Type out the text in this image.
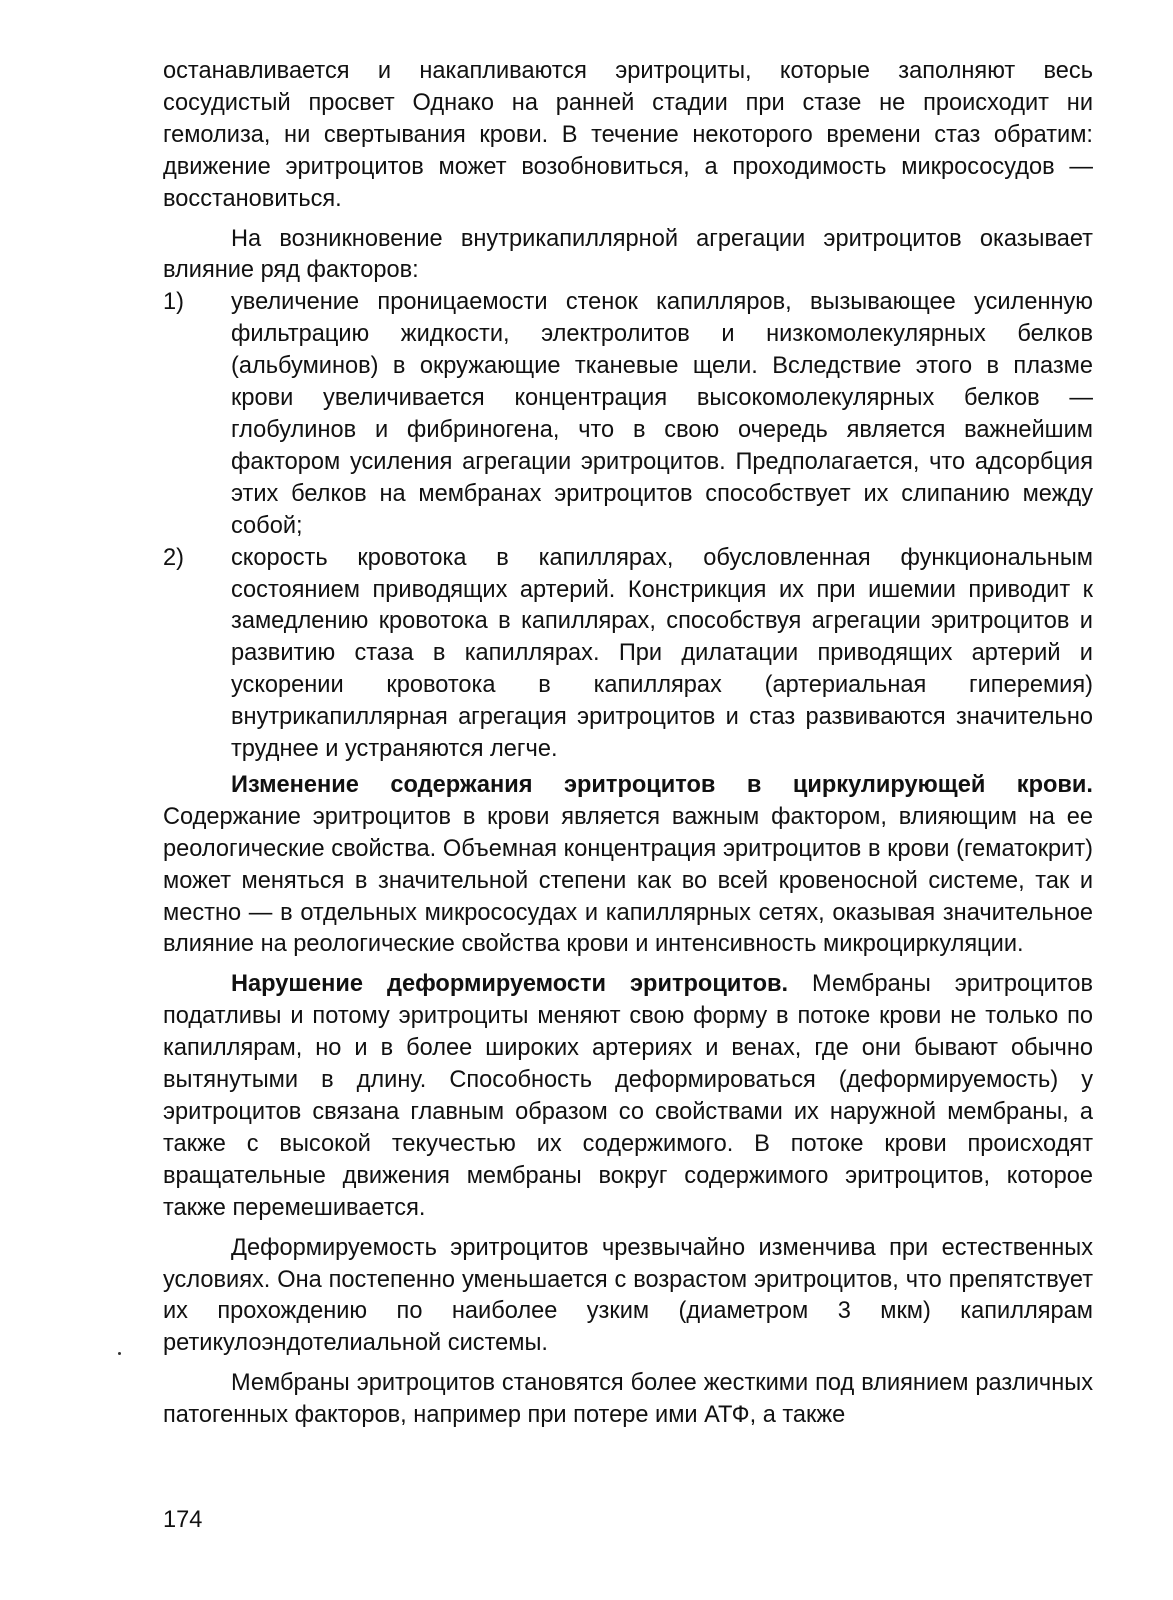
останавливается и накапливаются эритроциты, которые заполняют весь сосудистый просвет Однако на ранней стадии при стазе не происходит ни гемолиза, ни свертывания крови. В течение некоторого времени стаз обратим: движение эритроцитов может возобновиться, а проходимость микрососудов — восстановиться.

На возникновение внутрикапиллярной агрегации эритроцитов оказывает влияние ряд факторов:

1) увеличение проницаемости стенок капилляров, вызывающее усиленную фильтрацию жидкости, электролитов и низкомолекулярных белков (альбуминов) в окружающие тканевые щели. Вследствие этого в плазме крови увеличивается концентрация высокомолекулярных белков — глобулинов и фибриногена, что в свою очередь является важнейшим фактором усиления агрегации эритроцитов. Предполагается, что адсорбция этих белков на мембранах эритроцитов способствует их слипанию между собой;
2) скорость кровотока в капиллярах, обусловленная функциональным состоянием приводящих артерий. Констрикция их при ишемии приводит к замедлению кровотока в капиллярах, способствуя агрегации эритроцитов и развитию стаза в капиллярах. При дилатации приводящих артерий и ускорении кровотока в капиллярах (артериальная гиперемия) внутрикапиллярная агрегация эритроцитов и стаз развиваются значительно труднее и устраняются легче.

Изменение содержания эритроцитов в циркулирующей крови. Содержание эритроцитов в крови является важным фактором, влияющим на ее реологические свойства. Объемная концентрация эритроцитов в крови (гематокрит) может меняться в значительной степени как во всей кровеносной системе, так и местно — в отдельных микрососудах и капиллярных сетях, оказывая значительное влияние на реологические свойства крови и интенсивность микроциркуляции.

Нарушение деформируемости эритроцитов. Мембраны эритроцитов податливы и потому эритроциты меняют свою форму в потоке крови не только по капиллярам, но и в более широких артериях и венах, где они бывают обычно вытянутыми в длину. Способность деформироваться (деформируемость) у эритроцитов связана главным образом со свойствами их наружной мембраны, а также с высокой текучестью их содержимого. В потоке крови происходят вращательные движения мембраны вокруг содержимого эритроцитов, которое также перемешивается.

Деформируемость эритроцитов чрезвычайно изменчива при естественных условиях. Она постепенно уменьшается с возрастом эритроцитов, что препятствует их прохождению по наиболее узким (диаметром 3 мкм) капиллярам ретикулоэндотелиальной системы.

Мембраны эритроцитов становятся более жесткими под влиянием различных патогенных факторов, например при потере ими АТФ, а также

174
